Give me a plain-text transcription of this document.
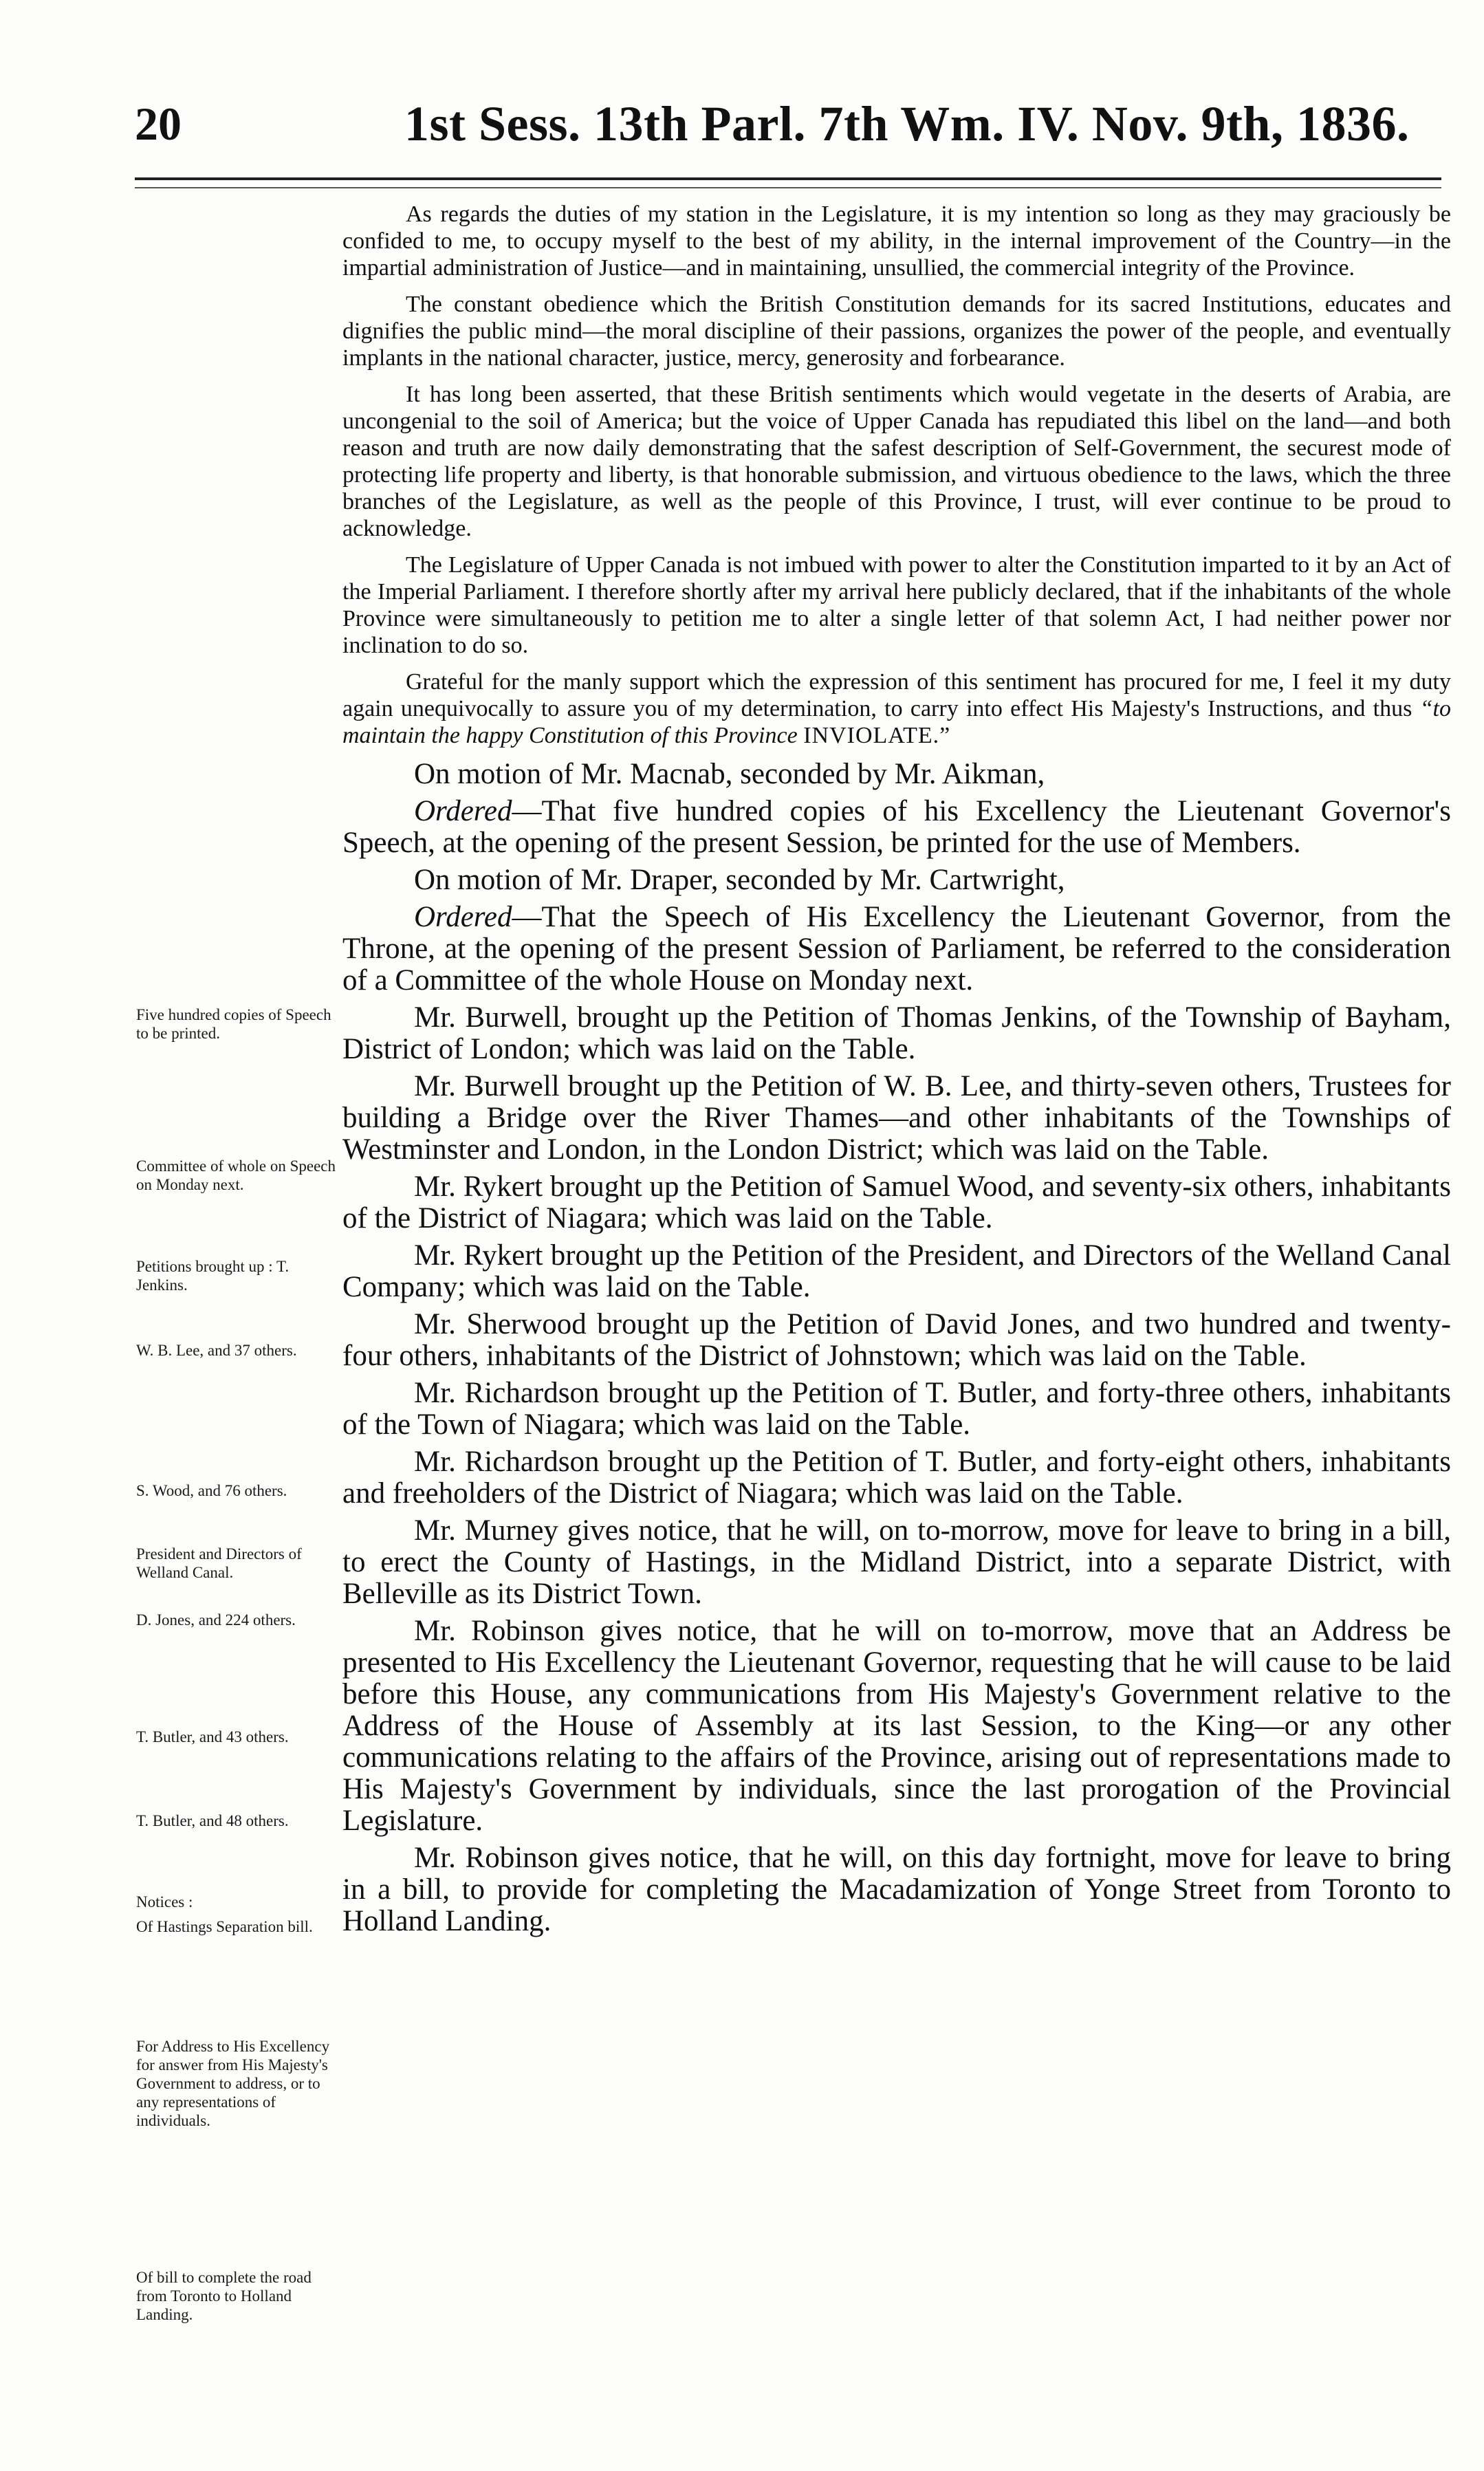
20	1st Sess. 13th Parl. 7th Wm. IV. Nov. 9th, 1836.

As regards the duties of my station in the Legislature, it is my intention so long as they may graciously be confided to me, to occupy myself to the best of my ability, in the internal improvement of the Country—in the impartial administration of Justice—and in maintaining, unsullied, the commercial integrity of the Province.

The constant obedience which the British Constitution demands for its sacred Institutions, educates and dignifies the public mind—the moral discipline of their passions, organizes the power of the people, and eventually implants in the national character, justice, mercy, generosity and forbearance.

It has long been asserted, that these British sentiments which would vegetate in the deserts of Arabia, are uncongenial to the soil of America; but the voice of Upper Canada has repudiated this libel on the land—and both reason and truth are now daily demonstrating that the safest description of Self-Government, the securest mode of protecting life property and liberty, is that honorable submission, and virtuous obedience to the laws, which the three branches of the Legislature, as well as the people of this Province, I trust, will ever continue to be proud to acknowledge.

The Legislature of Upper Canada is not imbued with power to alter the Constitution imparted to it by an Act of the Imperial Parliament. I therefore shortly after my arrival here publicly declared, that if the inhabitants of the whole Province were simultaneously to petition me to alter a single letter of that solemn Act, I had neither power nor inclination to do so.

Grateful for the manly support which the expression of this sentiment has procured for me, I feel it my duty again unequivocally to assure you of my determination, to carry into effect His Majesty's Instructions, and thus “to maintain the happy Constitution of this Province INVIOLATE.”

On motion of Mr. Macnab, seconded by Mr. Aikman,

Ordered—That five hundred copies of his Excellency the Lieutenant Governor's Speech, at the opening of the present Session, be printed for the use of Members.

On motion of Mr. Draper, seconded by Mr. Cartwright,

Ordered—That the Speech of His Excellency the Lieutenant Governor, from the Throne, at the opening of the present Session of Parliament, be referred to the consideration of a Committee of the whole House on Monday next.

Mr. Burwell, brought up the Petition of Thomas Jenkins, of the Township of Bayham, District of London; which was laid on the Table.

Mr. Burwell brought up the Petition of W. B. Lee, and thirty-seven others, Trustees for building a Bridge over the River Thames—and other inhabitants of the Townships of Westminster and London, in the London District; which was laid on the Table.

Mr. Rykert brought up the Petition of Samuel Wood, and seventy-six others, inhabitants of the District of Niagara; which was laid on the Table.

Mr. Rykert brought up the Petition of the President, and Directors of the Welland Canal Company; which was laid on the Table.

Mr. Sherwood brought up the Petition of David Jones, and two hundred and twenty-four others, inhabitants of the District of Johnstown; which was laid on the Table.

Mr. Richardson brought up the Petition of T. Butler, and forty-three others, inhabitants of the Town of Niagara; which was laid on the Table.

Mr. Richardson brought up the Petition of T. Butler, and forty-eight others, inhabitants and freeholders of the District of Niagara; which was laid on the Table.

Mr. Murney gives notice, that he will, on to-morrow, move for leave to bring in a bill, to erect the County of Hastings, in the Midland District, into a separate District, with Belleville as its District Town.

Mr. Robinson gives notice, that he will on to-morrow, move that an Address be presented to His Excellency the Lieutenant Governor, requesting that he will cause to be laid before this House, any communications from His Majesty's Government relative to the Address of the House of Assembly at its last Session, to the King—or any other communications relating to the affairs of the Province, arising out of representations made to His Majesty's Government by individuals, since the last prorogation of the Provincial Legislature.

Mr. Robinson gives notice, that he will, on this day fortnight, move for leave to bring in a bill, to provide for completing the Macadamization of Yonge Street from Toronto to Holland Landing.

Five hundred copies of Speech to be printed.
Committee of whole on Speech on Monday next.
Petitions brought up : T. Jenkins.
W. B. Lee, and 37 others.
S. Wood, and 76 others.
President and Directors of Welland Canal.
D. Jones, and 224 others.
T. Butler, and 43 others.
T. Butler, and 48 others.
Notices :
Of Hastings Separation bill.
For Address to His Excellency for answer from His Majesty's Government to address, or to any representations of individuals.
Of bill to complete the road from Toronto to Holland Landing.
